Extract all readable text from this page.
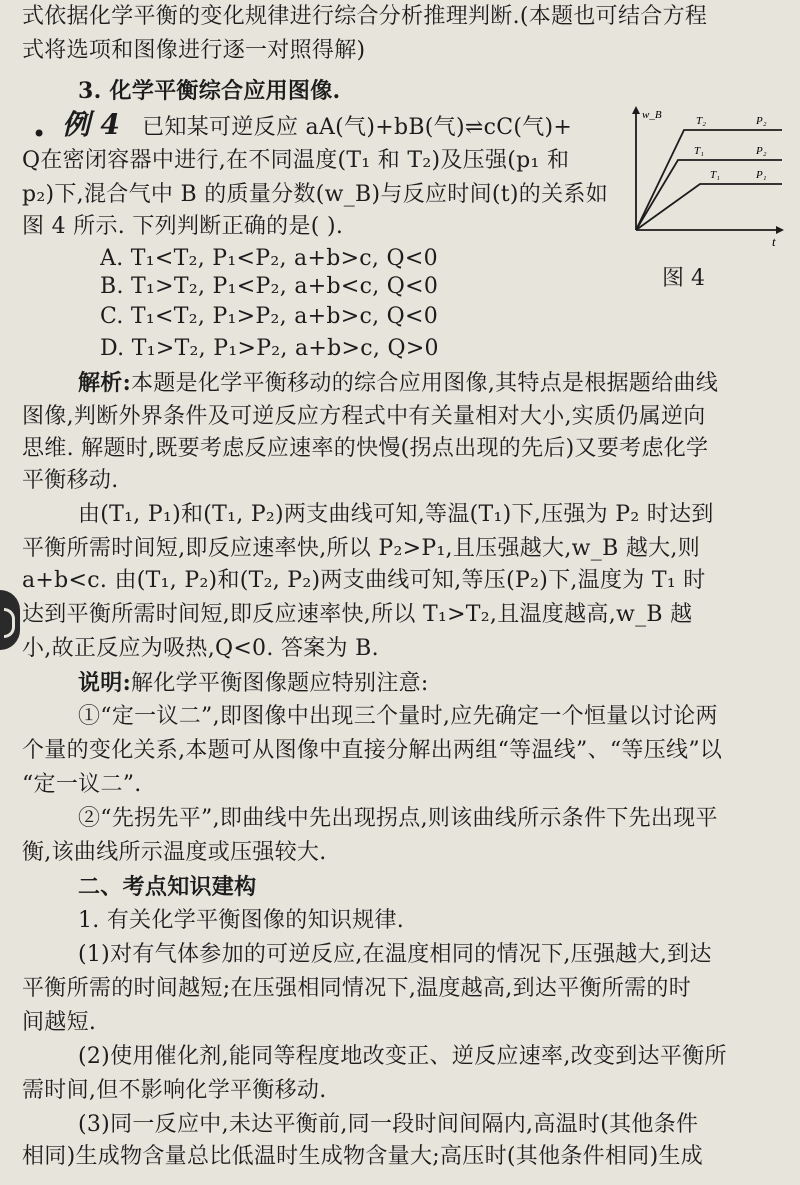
式依据化学平衡的变化规律进行综合分析推理判断.(本题也可结合方程
式将选项和图像进行逐一对照得解)
3. 化学平衡综合应用图像.
• 例 4 已知某可逆反应 aA(气)+bB(气)⇌cC(气)+
Q在密闭容器中进行,在不同温度(T₁ 和 T₂)及压强(p₁ 和
p₂)下,混合气中 B 的质量分数(w_B)与反应时间(t)的关系如
图 4 所示. 下列判断正确的是( ).
A. T₁<T₂, P₁<P₂, a+b>c, Q<0
B. T₁>T₂, P₁<P₂, a+b<c, Q<0
C. T₁<T₂, P₁>P₂, a+b>c, Q<0
D. T₁>T₂, P₁>P₂, a+b>c, Q>0
w_B
t
T₂	P₂
T₁	P₂
T₁	P₁
图 4
解析:本题是化学平衡移动的综合应用图像,其特点是根据题给曲线
图像,判断外界条件及可逆反应方程式中有关量相对大小,实质仍属逆向
思维. 解题时,既要考虑反应速率的快慢(拐点出现的先后)又要考虑化学
平衡移动.
由(T₁, P₁)和(T₁, P₂)两支曲线可知,等温(T₁)下,压强为 P₂ 时达到
平衡所需时间短,即反应速率快,所以 P₂>P₁,且压强越大,w_B 越大,则
a+b<c. 由(T₁, P₂)和(T₂, P₂)两支曲线可知,等压(P₂)下,温度为 T₁ 时
达到平衡所需时间短,即反应速率快,所以 T₁>T₂,且温度越高,w_B 越
小,故正反应为吸热,Q<0. 答案为 B.
说明:解化学平衡图像题应特别注意:
①“定一议二”,即图像中出现三个量时,应先确定一个恒量以讨论两
个量的变化关系,本题可从图像中直接分解出两组“等温线”、“等压线”以
“定一议二”.
②“先拐先平”,即曲线中先出现拐点,则该曲线所示条件下先出现平
衡,该曲线所示温度或压强较大.
二、考点知识建构
1. 有关化学平衡图像的知识规律.
(1)对有气体参加的可逆反应,在温度相同的情况下,压强越大,到达
平衡所需的时间越短;在压强相同情况下,温度越高,到达平衡所需的时
间越短.
(2)使用催化剂,能同等程度地改变正、逆反应速率,改变到达平衡所
需时间,但不影响化学平衡移动.
(3)同一反应中,未达平衡前,同一段时间间隔内,高温时(其他条件
相同)生成物含量总比低温时生成物含量大;高压时(其他条件相同)生成
